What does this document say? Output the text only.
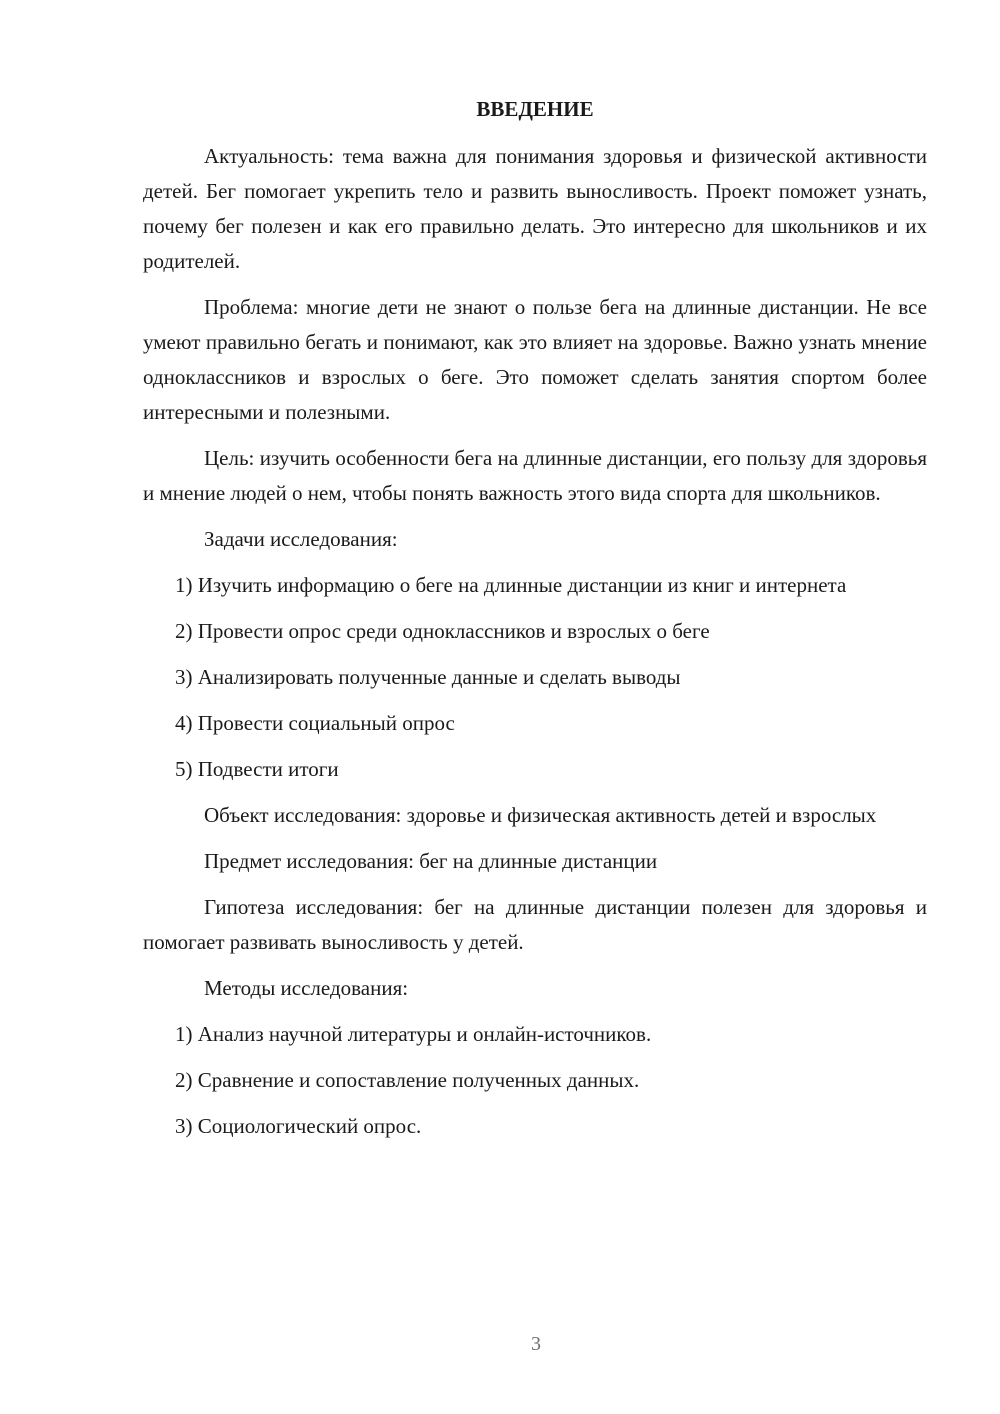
ВВЕДЕНИЕ

Актуальность: тема важна для понимания здоровья и физической активности детей. Бег помогает укрепить тело и развить выносливость. Проект поможет узнать, почему бег полезен и как его правильно делать. Это интересно для школьников и их родителей.

Проблема: многие дети не знают о пользе бега на длинные дистанции. Не все умеют правильно бегать и понимают, как это влияет на здоровье. Важно узнать мнение одноклассников и взрослых о беге. Это поможет сделать занятия спортом более интересными и полезными.

Цель: изучить особенности бега на длинные дистанции, его пользу для здоровья и мнение людей о нем, чтобы понять важность этого вида спорта для школьников.

Задачи исследования:

1) Изучить информацию о беге на длинные дистанции из книг и интернета

2) Провести опрос среди одноклассников и взрослых о беге

3) Анализировать полученные данные и сделать выводы

4) Провести социальный опрос

5) Подвести итоги

Объект исследования: здоровье и физическая активность детей и взрослых

Предмет исследования: бег на длинные дистанции

Гипотеза исследования: бег на длинные дистанции полезен для здоровья и помогает развивать выносливость у детей.

Методы исследования:

1) Анализ научной литературы и онлайн-источников.

2) Сравнение и сопоставление полученных данных.

3) Социологический опрос.

3
